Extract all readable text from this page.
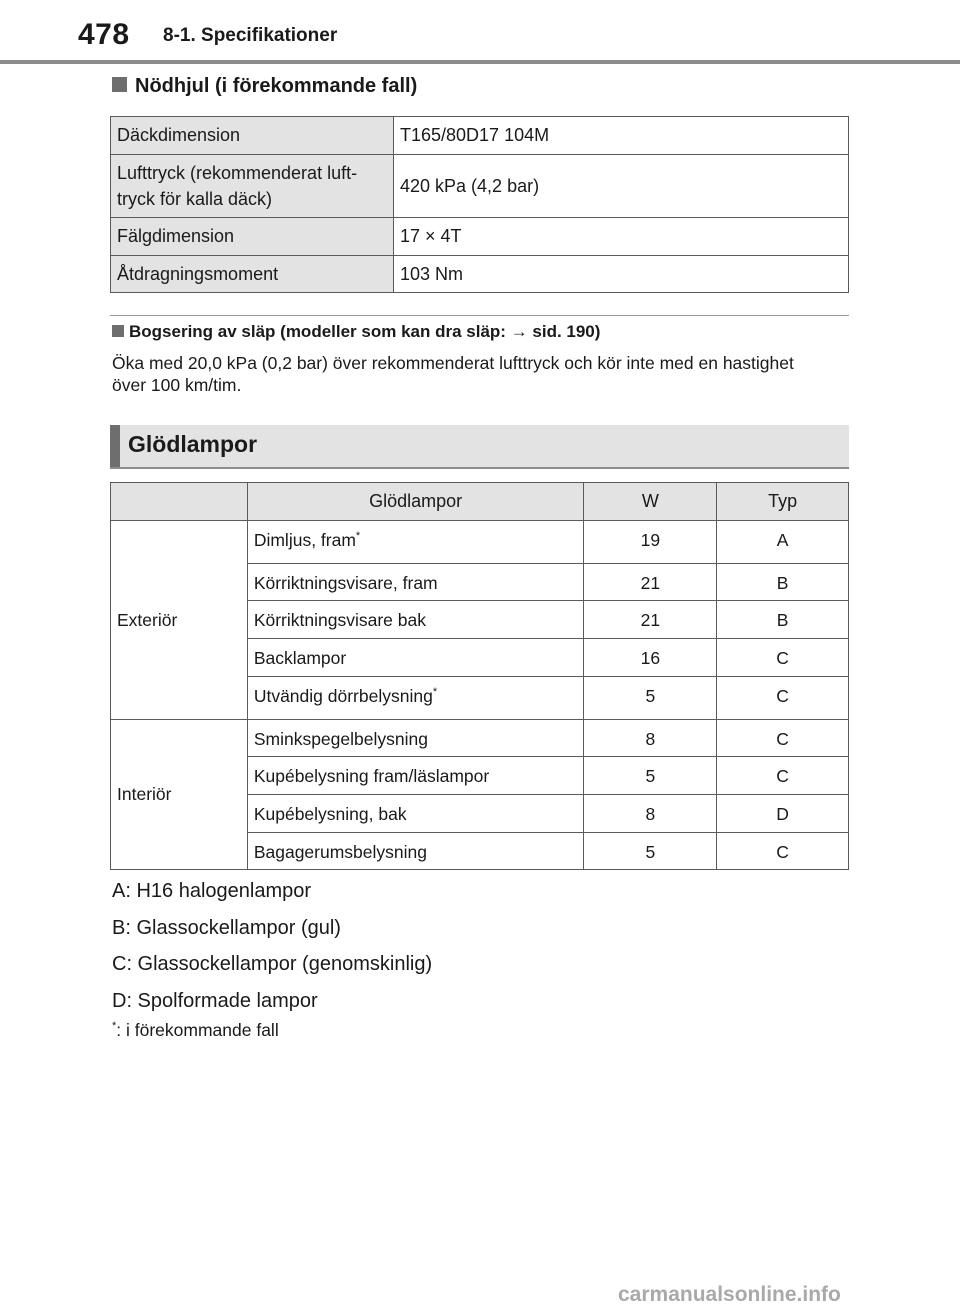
478 8-1. Specifikationer
Nödhjul (i förekommande fall)
Däckdimension	T165/80D17 104M
Lufttryck (rekommenderat luft-tryck för kalla däck)	420 kPa (4,2 bar)
Fälgdimension	17 × 4T
Åtdragningsmoment	103 Nm
Bogsering av släp (modeller som kan dra släp: → sid. 190)
Öka med 20,0 kPa (0,2 bar) över rekommenderat lufttryck och kör inte med en hastighet över 100 km/tim.
Glödlampor
	Glödlampor	W	Typ
Exteriör	Dimljus, fram*	19	A
	Körriktningsvisare, fram	21	B
	Körriktningsvisare bak	21	B
	Backlampor	16	C
	Utvändig dörrbelysning*	5	C
Interiör	Sminkspegelbelysning	8	C
	Kupébelysning fram/läslampor	5	C
	Kupébelysning, bak	8	D
	Bagagerumsbelysning	5	C
A: H16 halogenlampor
B: Glassockellampor (gul)
C: Glassockellampor (genomskinlig)
D: Spolformade lampor
*: i förekommande fall
carmanualsonline.info
